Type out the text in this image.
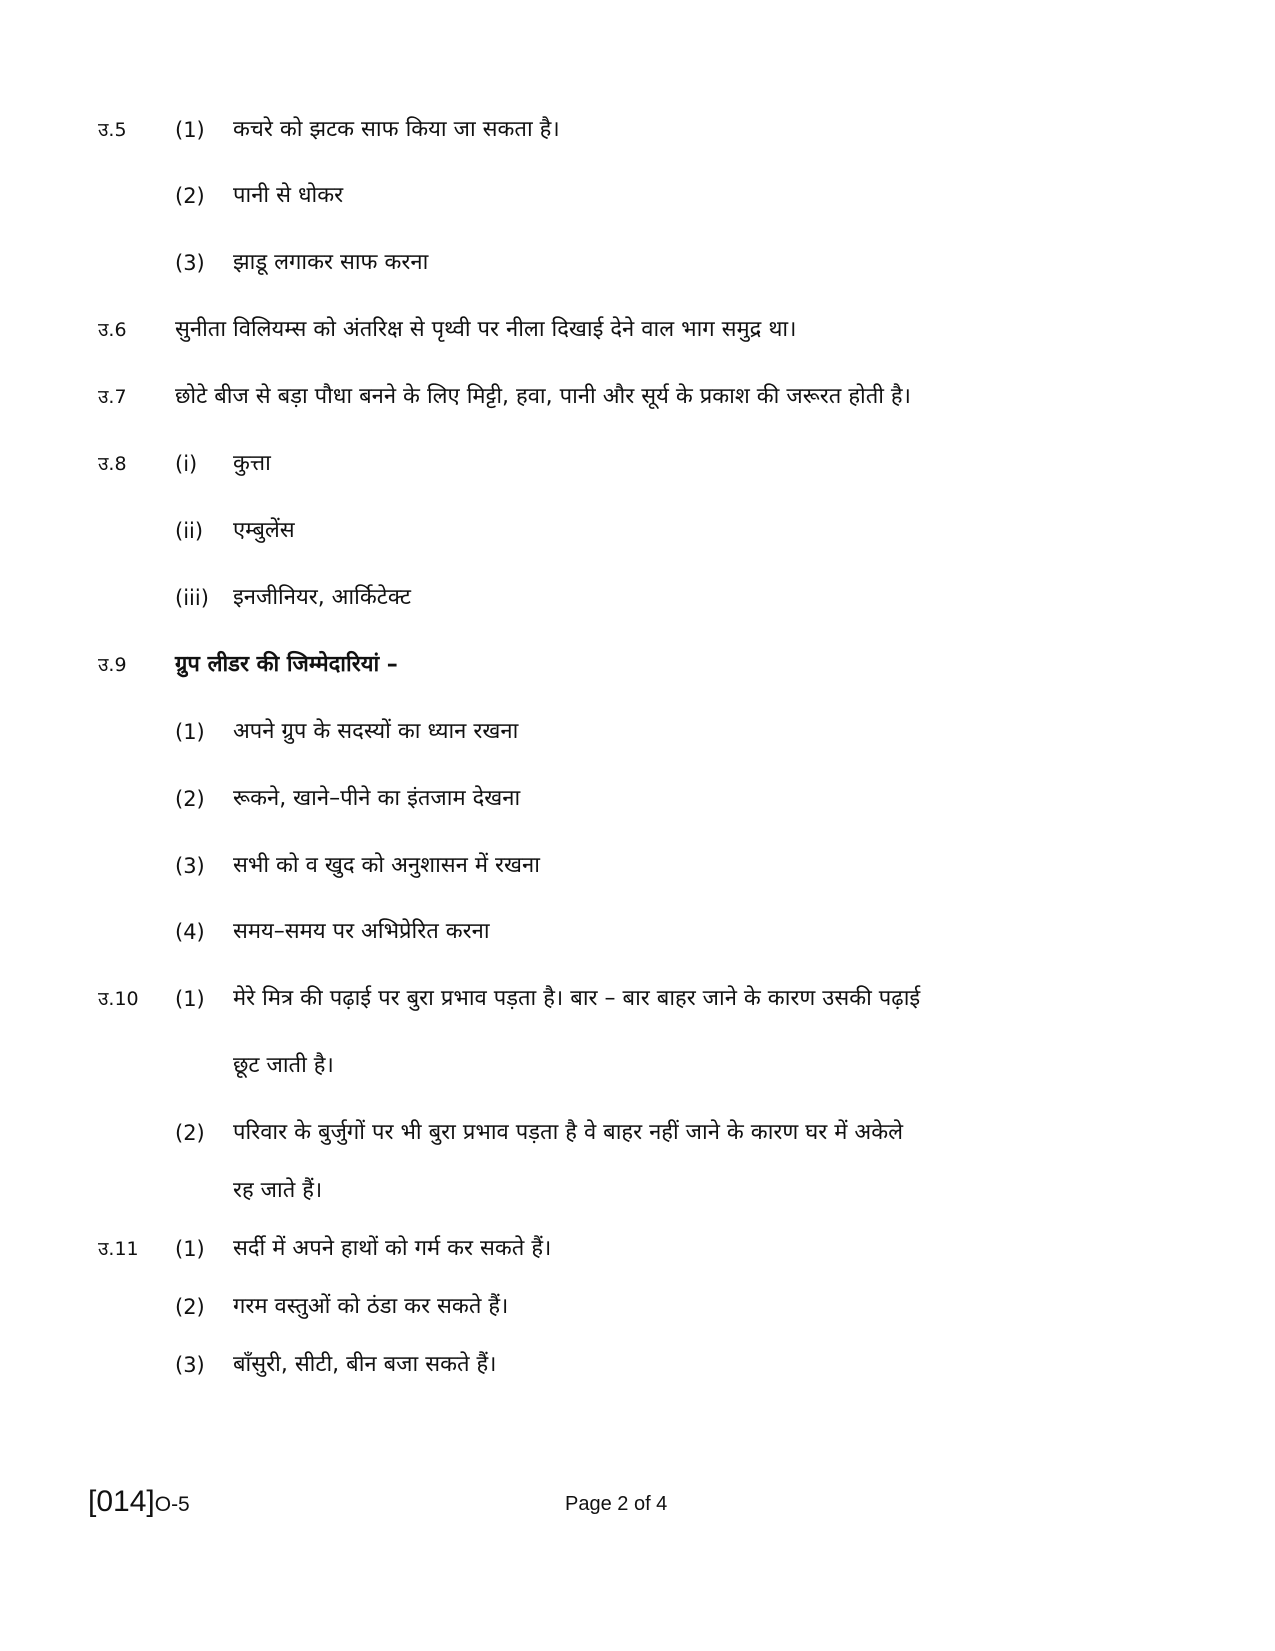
उ.5 (1) कचरे को झटक साफ किया जा सकता है।
(2) पानी से धोकर
(3) झाडू लगाकर साफ करना
उ.6 सुनीता विलियम्स को अंतरिक्ष से पृथ्वी पर नीला दिखाई देने वाल भाग समुद्र था।
उ.7 छोटे बीज से बड़ा पौधा बनने के लिए मिट्टी, हवा, पानी और सूर्य के प्रकाश की जरूरत होती है।
उ.8 (i) कुत्ता
(ii) एम्बुलेंस
(iii) इनजीनियर, आर्किटेक्ट
उ.9 ग्रुप लीडर की जिम्मेदारियां –
(1) अपने ग्रुप के सदस्यों का ध्यान रखना
(2) रूकने, खाने–पीने का इंतजाम देखना
(3) सभी को व खुद को अनुशासन में रखना
(4) समय–समय पर अभिप्रेरित करना
उ.10 (1) मेरे मित्र की पढ़ाई पर बुरा प्रभाव पड़ता है। बार – बार बाहर जाने के कारण उसकी पढ़ाई
छूट जाती है।
(2) परिवार के बुर्जुगों पर भी बुरा प्रभाव पड़ता है वे बाहर नहीं जाने के कारण घर में अकेले
रह जाते हैं।
उ.11 (1) सर्दी में अपने हाथों को गर्म कर सकते हैं।
(2) गरम वस्तुओं को ठंडा कर सकते हैं।
(3) बाँसुरी, सीटी, बीन बजा सकते हैं।
[014]O-5	Page 2 of 4
